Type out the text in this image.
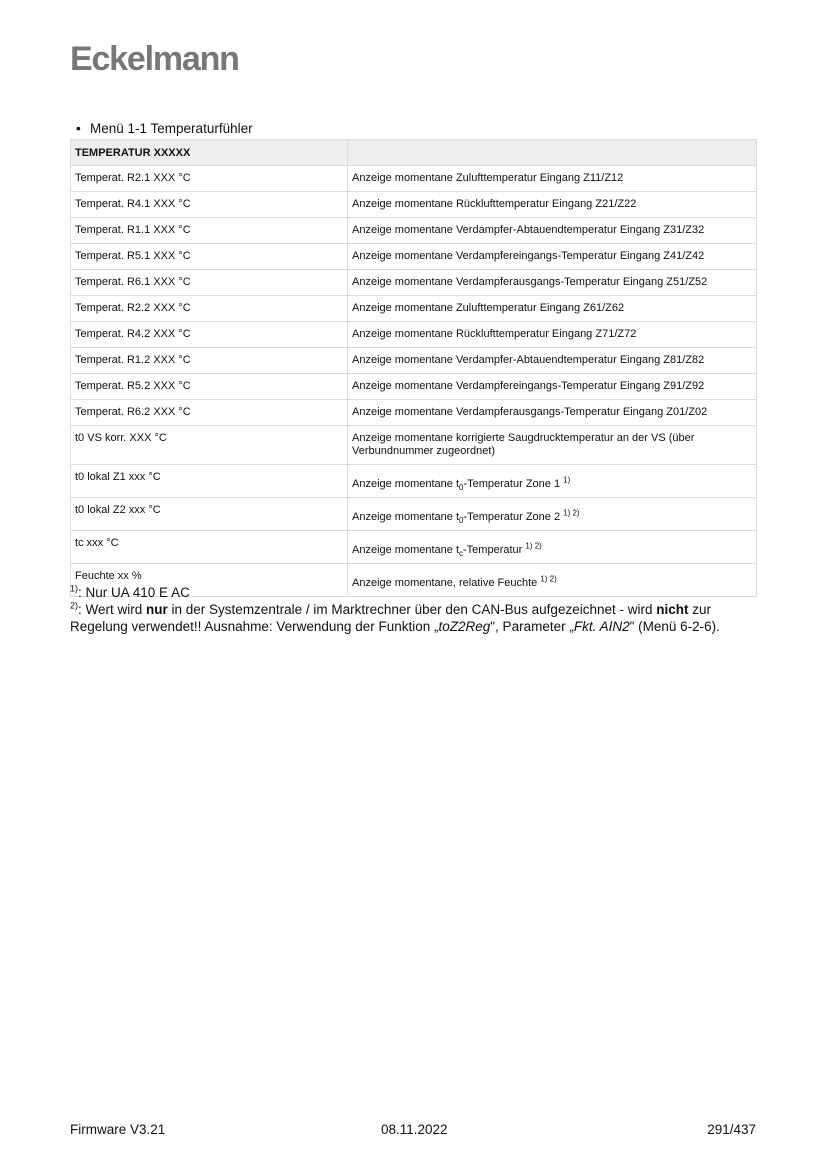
Eckelmann
• Menü 1-1 Temperaturfühler
TEMPERATUR XXXXX	
Temperat. R2.1 XXX °C	Anzeige momentane Zulufttemperatur Eingang Z11/Z12
Temperat. R4.1 XXX °C	Anzeige momentane Rücklufttemperatur Eingang Z21/Z22
Temperat. R1.1 XXX °C	Anzeige momentane Verdampfer-Abtauendtemperatur Eingang Z31/Z32
Temperat. R5.1 XXX °C	Anzeige momentane Verdampfereingangs-Temperatur Eingang Z41/Z42
Temperat. R6.1 XXX °C	Anzeige momentane Verdampferausgangs-Temperatur Eingang Z51/Z52
Temperat. R2.2 XXX °C	Anzeige momentane Zulufttemperatur Eingang Z61/Z62
Temperat. R4.2 XXX °C	Anzeige momentane Rücklufttemperatur Eingang Z71/Z72
Temperat. R1.2 XXX °C	Anzeige momentane Verdampfer-Abtauendtemperatur Eingang Z81/Z82
Temperat. R5.2 XXX °C	Anzeige momentane Verdampfereingangs-Temperatur Eingang Z91/Z92
Temperat. R6.2 XXX °C	Anzeige momentane Verdampferausgangs-Temperatur Eingang Z01/Z02
t0 VS korr. XXX °C	Anzeige momentane korrigierte Saugdrucktemperatur an der VS (über Verbundnummer zugeordnet)
t0 lokal Z1 xxx °C	Anzeige momentane $t_0$-Temperatur Zone 1 $^{1)}$
t0 lokal Z2 xxx °C	Anzeige momentane $t_0$-Temperatur Zone 2 $^{1) 2)}$
tc xxx °C	Anzeige momentane $t_c$-Temperatur $^{1) 2)}$
Feuchte xx %	Anzeige momentane, relative Feuchte $^{1) 2)}$
$^{1)}$: Nur UA 410 E AC
$^{2)}$: Wert wird nur in der Systemzentrale / im Marktrechner über den CAN-Bus aufgezeichnet - wird nicht zur Regelung verwendet!! Ausnahme: Verwendung der Funktion „toZ2Reg", Parameter „Fkt. AIN2" (Menü 6-2-6).
Firmware V3.21	08.11.2022	291/437
